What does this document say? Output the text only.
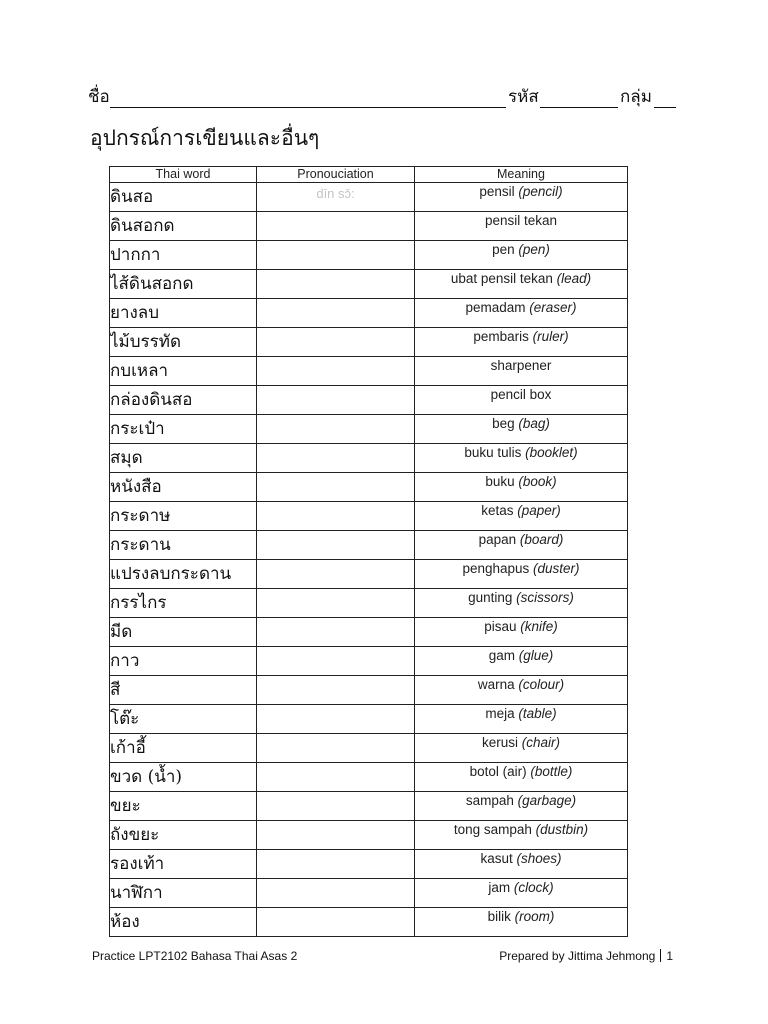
ชื่อ	รหัส	กลุ่ม
อุปกรณ์การเขียนและอื่นๆ
Thai word	Pronouciation	Meaning
ดินสอ	dīn sɔ̌:	pensil (pencil)
ดินสอกด		pensil tekan
ปากกา		pen (pen)
ไส้ดินสอกด		ubat pensil tekan (lead)
ยางลบ		pemadam (eraser)
ไม้บรรทัด		pembaris (ruler)
กบเหลา		sharpener
กล่องดินสอ		pencil box
กระเป๋า		beg (bag)
สมุด		buku tulis (booklet)
หนังสือ		buku (book)
กระดาษ		ketas (paper)
กระดาน		papan (board)
แปรงลบกระดาน		penghapus (duster)
กรรไกร		gunting (scissors)
มีด		pisau (knife)
กาว		gam (glue)
สี		warna (colour)
โต๊ะ		meja (table)
เก้าอี้		kerusi (chair)
ขวด (น้ำ)		botol (air) (bottle)
ขยะ		sampah (garbage)
ถังขยะ		tong sampah (dustbin)
รองเท้า		kasut (shoes)
นาฬิกา		jam (clock)
ห้อง		bilik (room)
Practice LPT2102 Bahasa Thai Asas 2	Prepared by Jittima Jehmong 1
